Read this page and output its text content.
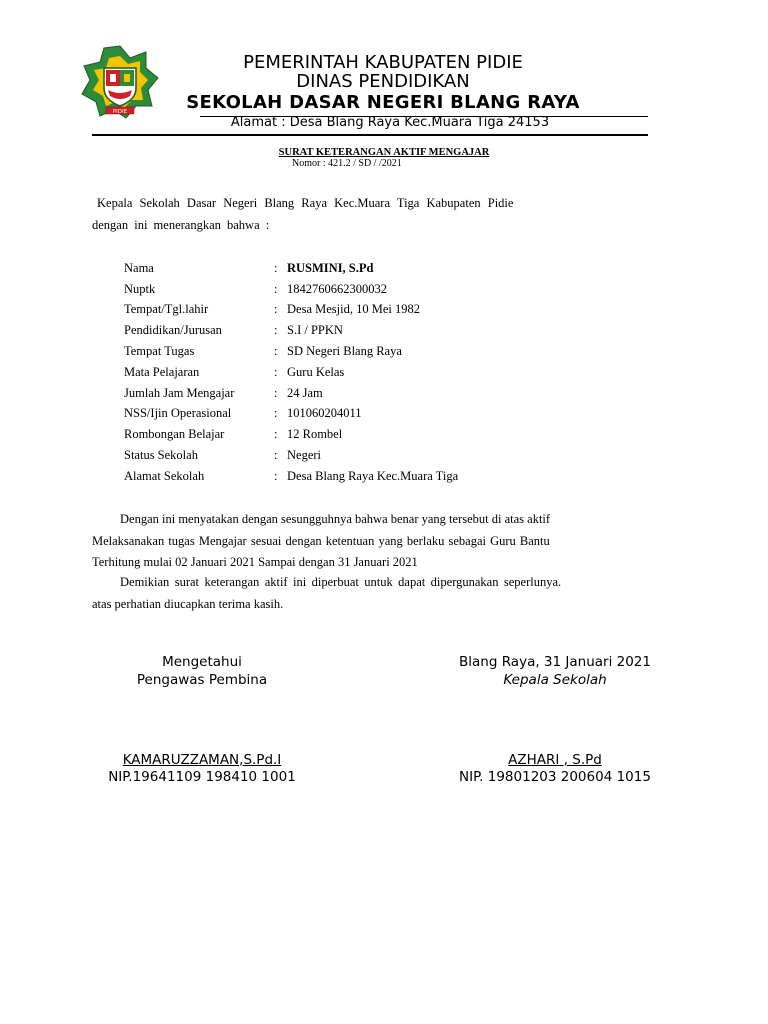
PIDIE
PEMERINTAH KABUPATEN PIDIE
DINAS PENDIDIKAN
SEKOLAH DASAR NEGERI BLANG RAYA
Alamat : Desa Blang Raya Kec.Muara Tiga 24153
SURAT KETERANGAN AKTIF MENGAJAR
Nomor : 421.2 / SD / /2021
Kepala Sekolah Dasar Negeri Blang Raya Kec.Muara Tiga Kabupaten Pidie
dengan ini menerangkan bahwa :
Nama	: RUSMINI, S.Pd
Nuptk	: 1842760662300032
Tempat/Tgl.lahir	: Desa Mesjid, 10 Mei 1982
Pendidikan/Jurusan	: S.I / PPKN
Tempat Tugas	: SD Negeri Blang Raya
Mata Pelajaran	: Guru Kelas
Jumlah Jam Mengajar	: 24 Jam
NSS/Ijin Operasional	: 101060204011
Rombongan Belajar	: 12 Rombel
Status Sekolah	: Negeri
Alamat Sekolah	: Desa Blang Raya Kec.Muara Tiga
Dengan ini menyatakan dengan sesungguhnya bahwa benar yang tersebut di atas aktif
Melaksanakan tugas Mengajar sesuai dengan ketentuan yang berlaku sebagai Guru Bantu
Terhitung mulai 02 Januari 2021 Sampai dengan 31 Januari 2021
Demikian surat keterangan aktif ini diperbuat untuk dapat dipergunakan seperlunya.
atas perhatian diucapkan terima kasih.
Mengetahui
Pengawas Pembina
KAMARUZZAMAN,S.Pd.I
NIP.19641109 198410 1001
Blang Raya, 31 Januari 2021
Kepala Sekolah
AZHARI , S.Pd
NIP. 19801203 200604 1015
